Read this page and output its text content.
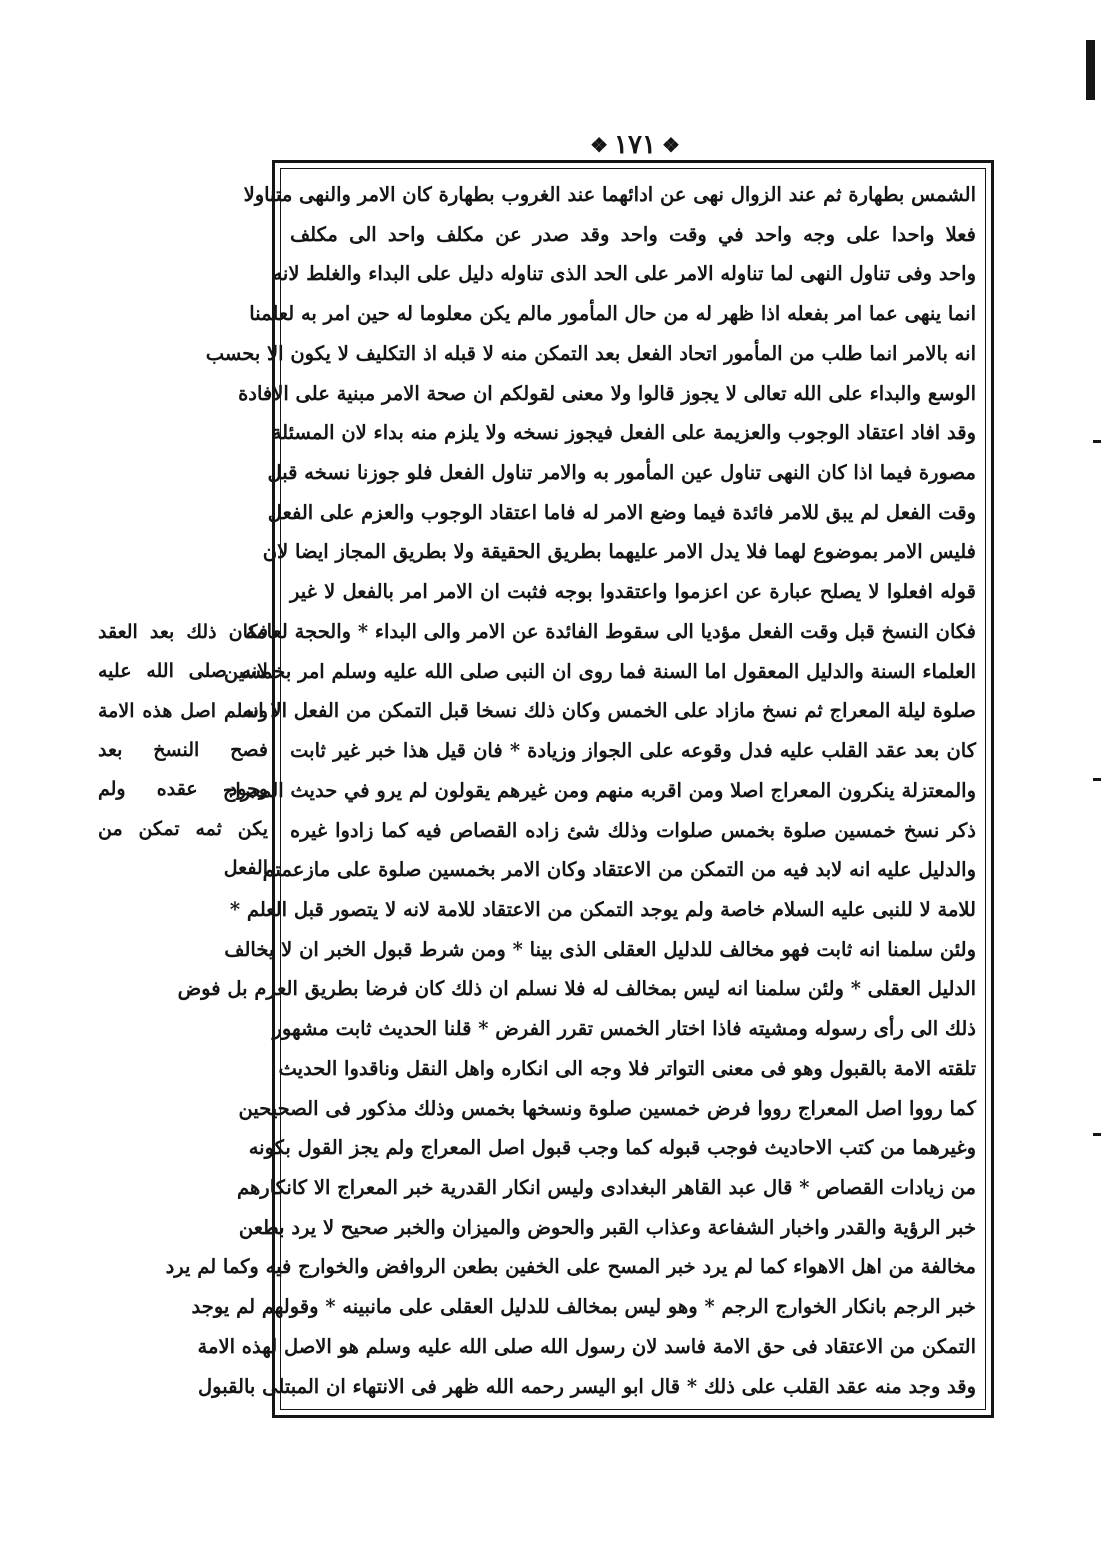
❖
١٧١
❖
الشمس بطهارة ثم عند الزوال نهى عن ادائهما عند الغروب بطهارة كان الامر والنهى متناولا
فعلا واحدا على وجه واحد في وقت واحد وقد صدر عن مكلف واحد الى مكلف
واحد وفى تناول النهى لما تناوله الامر على الحد الذى تناوله دليل على البداء والغلط لانه
انما ينهى عما امر بفعله اذا ظهر له من حال المأمور مالم يكن معلوما له حين امر به لعلمنا
انه بالامر انما طلب من المأمور اتحاد الفعل بعد التمكن منه لا قبله اذ التكليف لا يكون الا بحسب
الوسع والبداء على الله تعالى لا يجوز قالوا ولا معنى لقولكم ان صحة الامر مبنية على الافادة
وقد افاد اعتقاد الوجوب والعزيمة على الفعل فيجوز نسخه ولا يلزم منه بداء لان المسئلة
مصورة فيما اذا كان النهى تناول عين المأمور به والامر تناول الفعل فلو جوزنا نسخه قبل
وقت الفعل لم يبق للامر فائدة فيما وضع الامر له فاما اعتقاد الوجوب والعزم على الفعل
فليس الامر بموضوع لهما فلا يدل الامر عليهما بطريق الحقيقة ولا بطريق المجاز ايضا لان
قوله افعلوا لا يصلح عبارة عن اعزموا واعتقدوا بوجه فثبت ان الامر امر بالفعل لا غير
فكان النسخ قبل وقت الفعل مؤديا الى سقوط الفائدة عن الامر والى البداء * والحجة لعامة
العلماء السنة والدليل المعقول اما السنة فما روى ان النبى صلى الله عليه وسلم امر بخمسين
صلوة ليلة المعراج ثم نسخ مازاد على الخمس وكان ذلك نسخا قبل التمكن من الفعل الا انه
كان بعد عقد القلب عليه فدل وقوعه على الجواز وزيادة * فان قيل هذا خبر غير ثابت
والمعتزلة ينكرون المعراج اصلا ومن اقربه منهم ومن غيرهم يقولون لم يرو في حديث المعراج
ذكر نسخ خمسين صلوة بخمس صلوات وذلك شئ زاده القصاص فيه كما زادوا غيره
والدليل عليه انه لابد فيه من التمكن من الاعتقاد وكان الامر بخمسين صلوة على مازعمتم
للامة لا للنبى عليه السلام خاصة ولم يوجد التمكن من الاعتقاد للامة لانه لا يتصور قبل العلم *
ولئن سلمنا انه ثابت فهو مخالف للدليل العقلى الذى بينا * ومن شرط قبول الخبر ان لا يخالف
الدليل العقلى * ولئن سلمنا انه ليس بمخالف له فلا نسلم ان ذلك كان فرضا بطريق العزم بل فوض
ذلك الى رأى رسوله ومشيته فاذا اختار الخمس تقرر الفرض * قلنا الحديث ثابت مشهور
تلقته الامة بالقبول وهو فى معنى التواتر فلا وجه الى انكاره واهل النقل وناقدوا الحديث
كما رووا اصل المعراج رووا فرض خمسين صلوة ونسخها بخمس وذلك مذكور فى الصحيحين
وغيرهما من كتب الاحاديث فوجب قبوله كما وجب قبول اصل المعراج ولم يجز القول بكونه
من زيادات القصاص * قال عبد القاهر البغدادى وليس انكار القدرية خبر المعراج الا كانكارهم
خبر الرؤية والقدر واخبار الشفاعة وعذاب القبر والحوض والميزان والخبر صحيح لا يرد بطعن
مخالفة من اهل الاهواء كما لم يرد خبر المسح على الخفين بطعن الروافض والخوارج فيه وكما لم يرد
خبر الرجم بانكار الخوارج الرجم * وهو ليس بمخالف للدليل العقلى على مانبينه * وقولهم لم يوجد
التمكن من الاعتقاد فى حق الامة فاسد لان رسول الله صلى الله عليه وسلم هو الاصل لهذه الامة
وقد وجد منه عقد القلب على ذلك * قال ابو اليسر رحمه الله ظهر فى الانتهاء ان المبتلى بالقبول
فكان ذلك بعد العقد
لانه صلى الله عليه
وسلم اصل هذه الامة
فصح النسخ بعد
وجود عقده ولم
يكن ثمه تمكن من
الفعل
